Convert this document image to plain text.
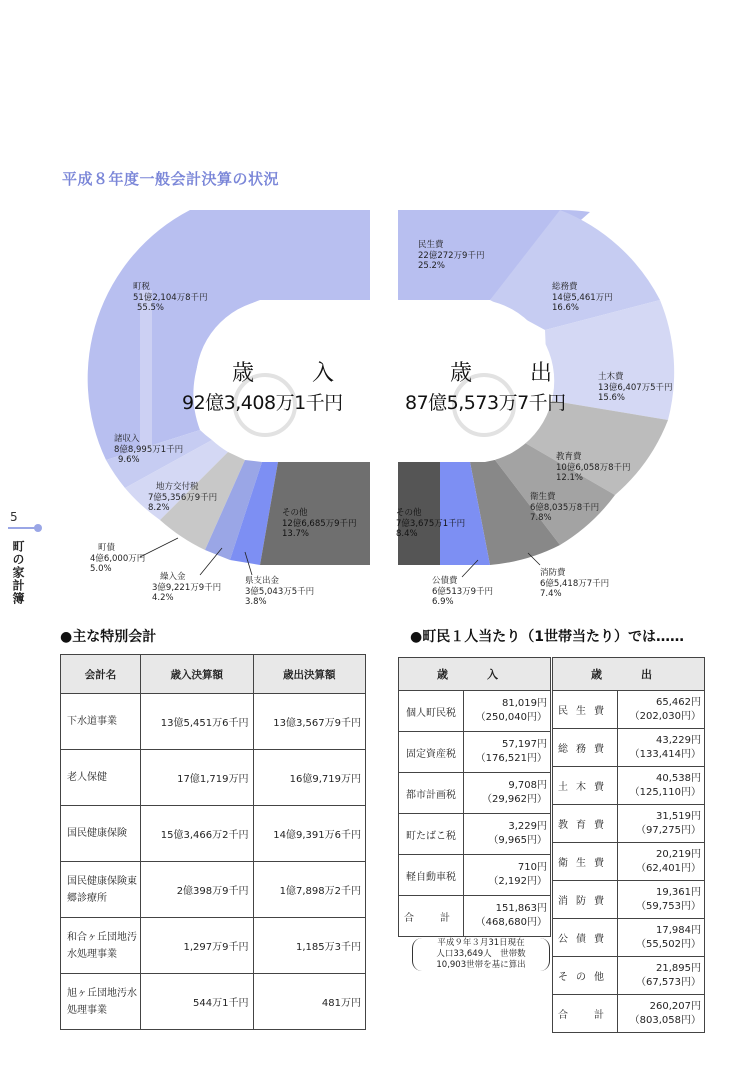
平成８年度一般会計決算の状況
5
町の家計簿
歳　入
92億3,408万1千円
歳　出
87億5,573万7千円
町税
51億2,104万8千円
55.5%
諸収入
8億8,995万1千円
9.6%
地方交付税
7億5,356万9千円
8.2%
町債
4億6,000万円
5.0%
繰入金
3億9,221万9千円
4.2%
県支出金
3億5,043万5千円
3.8%
その他
12億6,685万9千円
13.7%
民生費
22億272万9千円
25.2%
総務費
14億5,461万円
16.6%
土木費
13億6,407万5千円
15.6%
教育費
10億6,058万8千円
12.1%
衛生費
6億8,035万8千円
7.8%
消防費
6億5,418万7千円
7.4%
公債費
6億513万9千円
6.9%
その他
7億3,675万1千円
8.4%
●主な特別会計	●町民１人当たり（1世帯当たり）では……
会計名	歳入決算額	歳出決算額
下水道事業	13億5,451万6千円	13億3,567万9千円
老人保健	17億1,719万円	16億9,719万円
国民健康保険	15億3,466万2千円	14億9,391万6千円
国民健康保険東郷診療所	2億398万9千円	1億7,898万2千円
和合ヶ丘団地汚水処理事業	1,297万9千円	1,185万3千円
旭ヶ丘団地汚水処理事業	544万1千円	481万円
歳　入	
個人町民税	81,019円
（250,040円）

固定資産税	57,197円
（176,521円）

都市計画税	9,708円
（29,962円）

町たばこ税	3,229円
（9,965円）

軽自動車税	710円
（2,192円）

合　計	151,863円
（468,680円）
歳　出	
民生費	65,462円
（202,030円）

総務費	43,229円
（133,414円）

土木費	40,538円
（125,110円）

教育費	31,519円
（97,275円）

衛生費	20,219円
（62,401円）

消防費	19,361円
（59,753円）

公債費	17,984円
（55,502円）

その他	21,895円
（67,573円）

合　計	260,207円
（803,058円）
平成９年３月31日現在
人口33,649人　世帯数
10,903世帯を基に算出
